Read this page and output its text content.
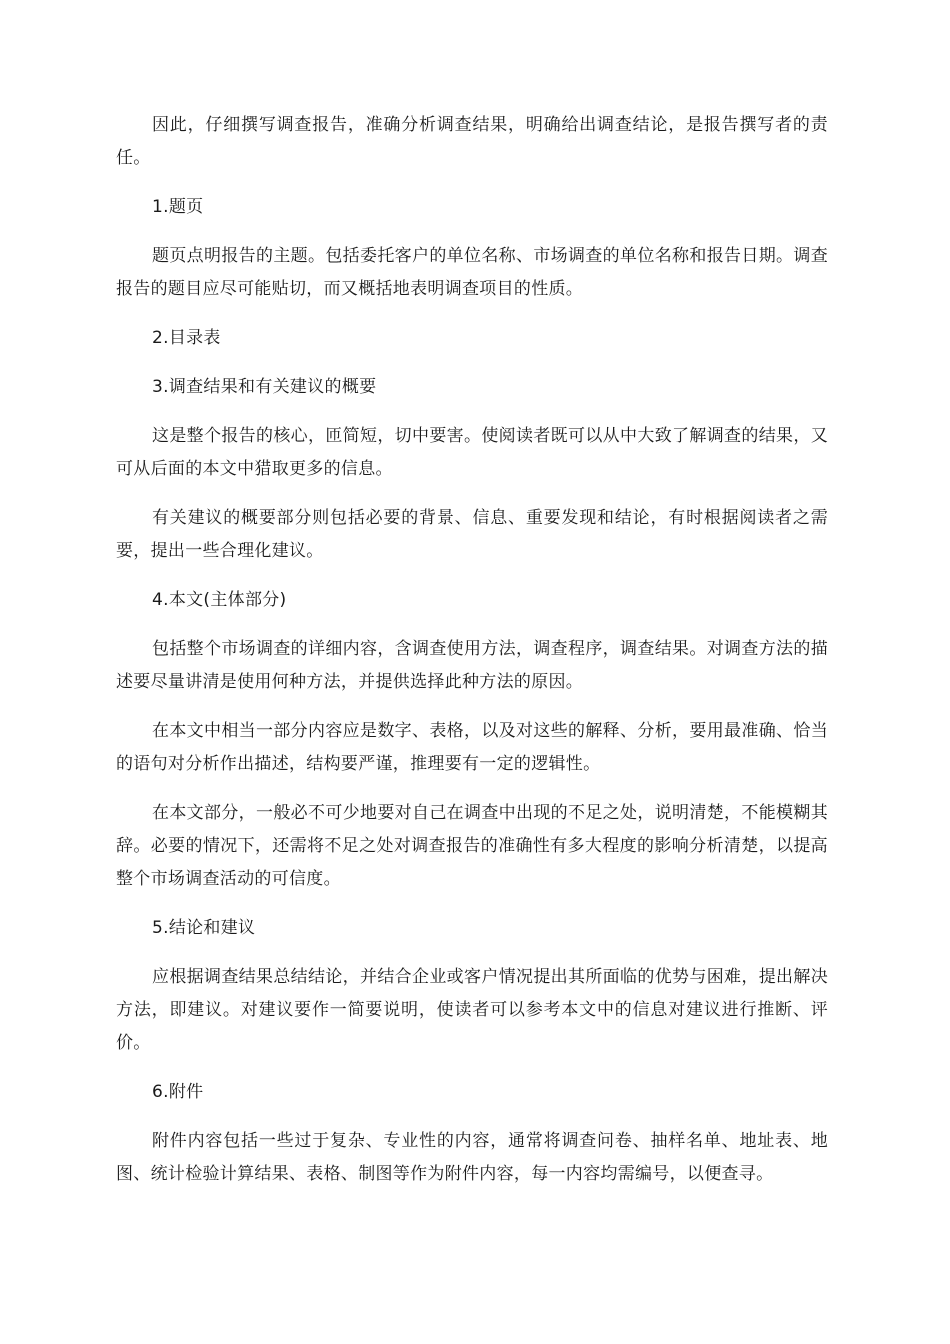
因此，仔细撰写调查报告，准确分析调查结果，明确给出调查结论，是报告撰写者的责任。

1.题页

题页点明报告的主题。包括委托客户的单位名称、市场调查的单位名称和报告日期。调查报告的题目应尽可能贴切，而又概括地表明调查项目的性质。

2.目录表

3.调查结果和有关建议的概要

这是整个报告的核心，匝简短，切中要害。使阅读者既可以从中大致了解调查的结果，又可从后面的本文中猎取更多的信息。

有关建议的概要部分则包括必要的背景、信息、重要发现和结论，有时根据阅读者之需要，提出一些合理化建议。

4.本文(主体部分)

包括整个市场调查的详细内容，含调查使用方法，调查程序，调查结果。对调查方法的描述要尽量讲清是使用何种方法，并提供选择此种方法的原因。

在本文中相当一部分内容应是数字、表格，以及对这些的解释、分析，要用最准确、恰当的语句对分析作出描述，结构要严谨，推理要有一定的逻辑性。

在本文部分，一般必不可少地要对自己在调查中出现的不足之处，说明清楚，不能模糊其辞。必要的情况下，还需将不足之处对调查报告的准确性有多大程度的影响分析清楚，以提高整个市场调查活动的可信度。

5.结论和建议

应根据调查结果总结结论，并结合企业或客户情况提出其所面临的优势与困难，提出解决方法，即建议。对建议要作一简要说明，使读者可以参考本文中的信息对建议进行推断、评价。

6.附件

附件内容包括一些过于复杂、专业性的内容，通常将调查问卷、抽样名单、地址表、地图、统计检验计算结果、表格、制图等作为附件内容，每一内容均需编号，以便查寻。
